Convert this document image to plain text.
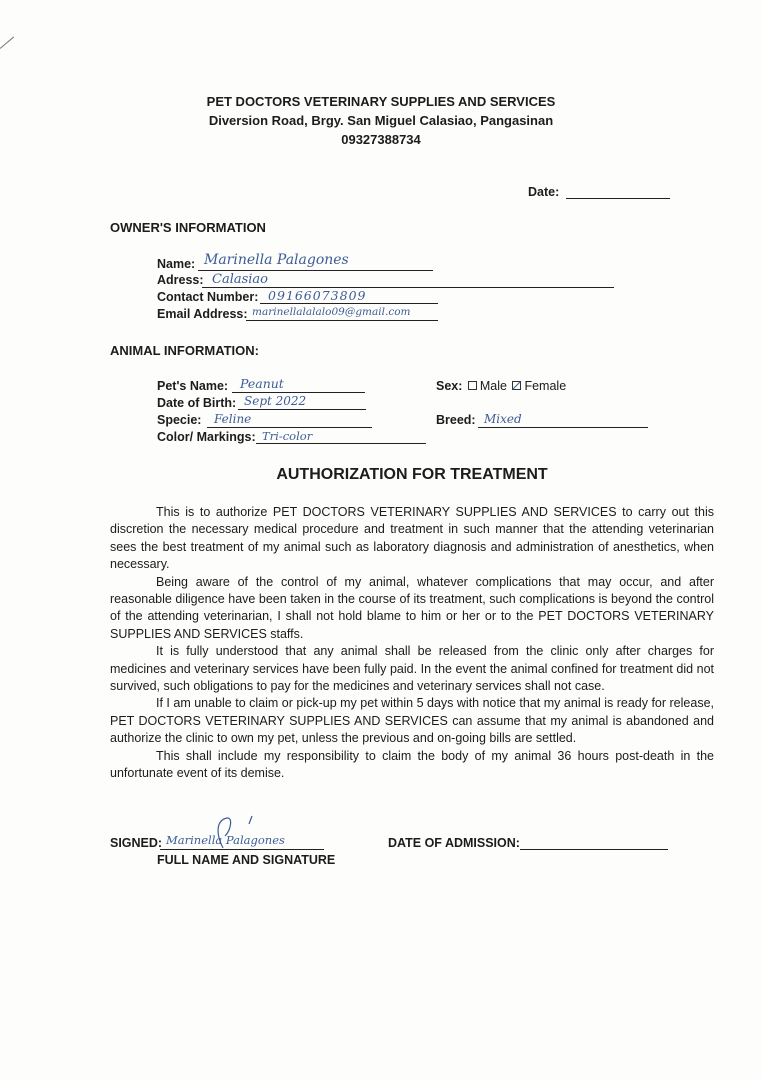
PET DOCTORS VETERINARY SUPPLIES AND SERVICES
Diversion Road, Brgy. San Miguel Calasiao, Pangasinan
09327388734
Date:
OWNER'S INFORMATION
Name: Marinella Palagones
Adress: Calasiao
Contact Number: 09166073809
Email Address: marinellalalalo09@gmail.com
ANIMAL INFORMATION:
Pet's Name: Peanut
Date of Birth: Sept 2022
Specie: Feline
Color/ Markings: Tri-color
Sex: Male Female
Breed: Mixed
AUTHORIZATION FOR TREATMENT

This is to authorize PET DOCTORS VETERINARY SUPPLIES AND SERVICES to carry out this discretion the necessary medical procedure and treatment in such manner that the attending veterinarian sees the best treatment of my animal such as laboratory diagnosis and administration of anesthetics, when necessary.

Being aware of the control of my animal, whatever complications that may occur, and after reasonable diligence have been taken in the course of its treatment, such complications is beyond the control of the attending veterinarian, I shall not hold blame to him or her or to the PET DOCTORS VETERINARY SUPPLIES AND SERVICES staffs.

It is fully understood that any animal shall be released from the clinic only after charges for medicines and veterinary services have been fully paid. In the event the animal confined for treatment did not survived, such obligations to pay for the medicines and veterinary services shall not case.

If I am unable to claim or pick-up my pet within 5 days with notice that my animal is ready for release, PET DOCTORS VETERINARY SUPPLIES AND SERVICES can assume that my animal is abandoned and authorize the clinic to own my pet, unless the previous and on-going bills are settled.

This shall include my responsibility to claim the body of my animal 36 hours post-death in the unfortunate event of its demise.

SIGNED: Marinella Palagones
FULL NAME AND SIGNATURE
DATE OF ADMISSION:
